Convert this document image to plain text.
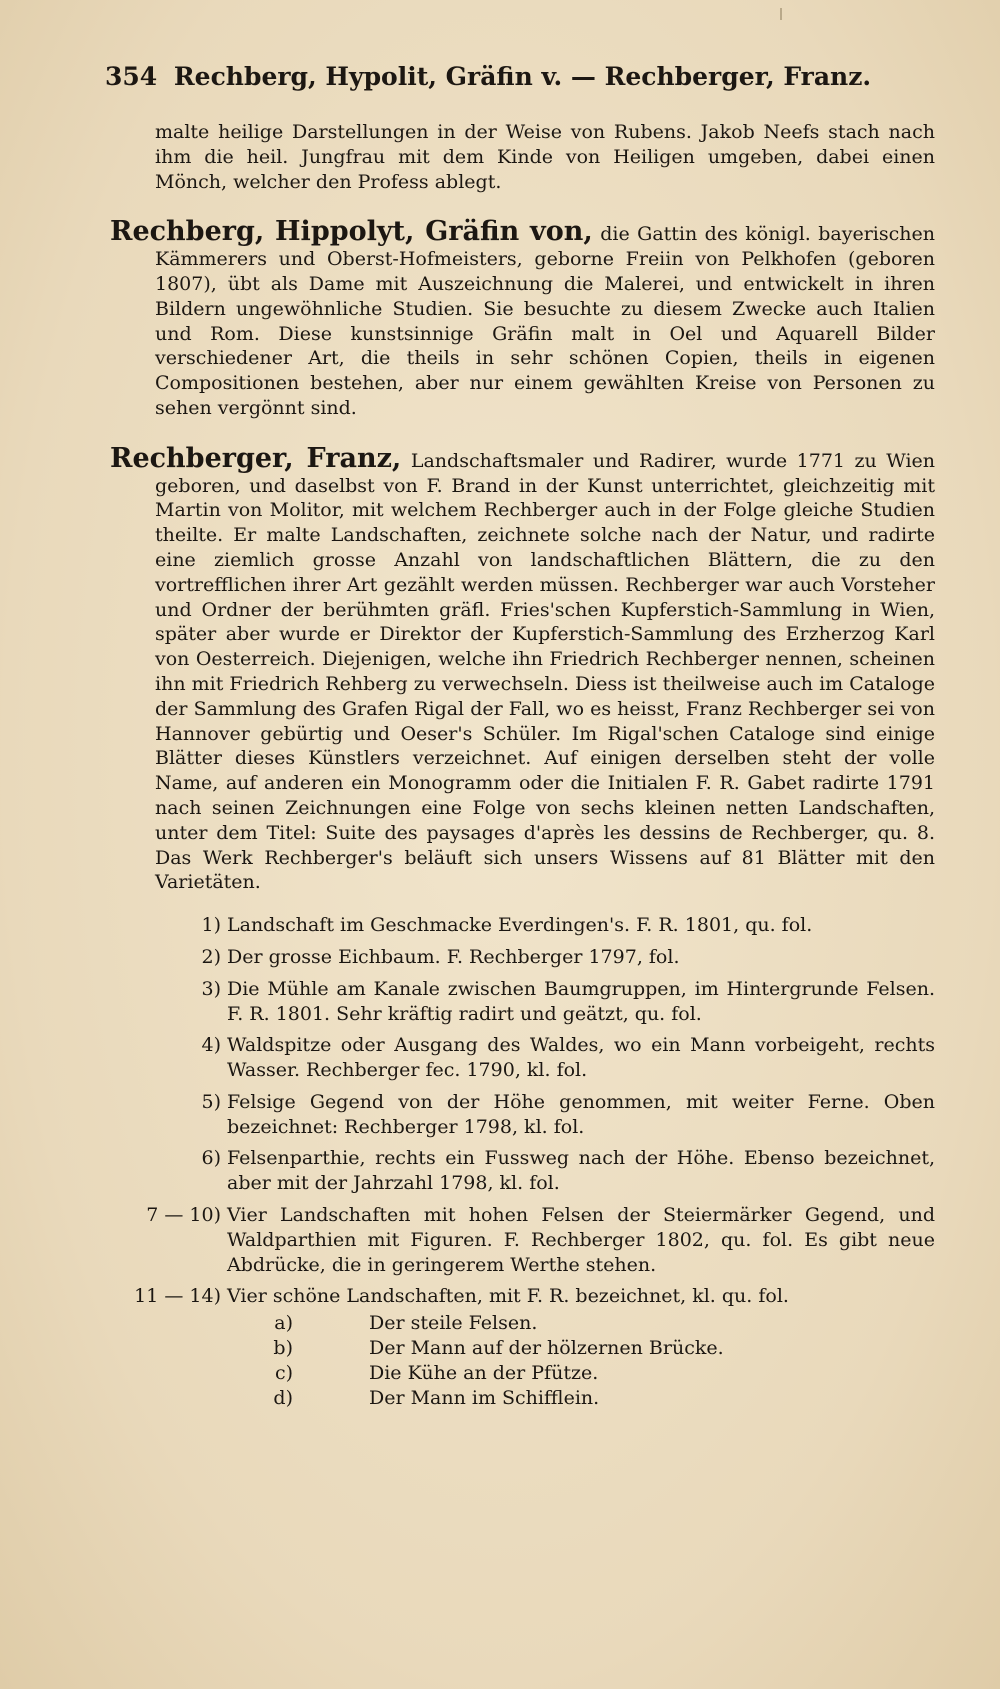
354 Rechberg, Hypolit, Gräfin v. — Rechberger, Franz.

malte heilige Darstellungen in der Weise von Rubens. Jakob Neefs stach nach ihm die heil. Jungfrau mit dem Kinde von Heiligen umgeben, dabei einen Mönch, welcher den Profess ablegt.

Rechberg, Hippolyt, Gräfin von, die Gattin des königl. bayerischen Kämmerers und Oberst-Hofmeisters, geborne Freiin von Pelkhofen (geboren 1807), übt als Dame mit Auszeichnung die Malerei, und entwickelt in ihren Bildern ungewöhnliche Studien. Sie besuchte zu diesem Zwecke auch Italien und Rom. Diese kunstsinnige Gräfin malt in Oel und Aquarell Bilder verschiedener Art, die theils in sehr schönen Copien, theils in eigenen Compositionen bestehen, aber nur einem gewählten Kreise von Personen zu sehen vergönnt sind.

Rechberger, Franz, Landschaftsmaler und Radirer, wurde 1771 zu Wien geboren, und daselbst von F. Brand in der Kunst unterrichtet, gleichzeitig mit Martin von Molitor, mit welchem Rechberger auch in der Folge gleiche Studien theilte. Er malte Landschaften, zeichnete solche nach der Natur, und radirte eine ziemlich grosse Anzahl von landschaftlichen Blättern, die zu den vortrefflichen ihrer Art gezählt werden müssen. Rechberger war auch Vorsteher und Ordner der berühmten gräfl. Fries'schen Kupferstich-Sammlung in Wien, später aber wurde er Direktor der Kupferstich-Sammlung des Erzherzog Karl von Oesterreich. Diejenigen, welche ihn Friedrich Rechberger nennen, scheinen ihn mit Friedrich Rehberg zu verwechseln. Diess ist theilweise auch im Cataloge der Sammlung des Grafen Rigal der Fall, wo es heisst, Franz Rechberger sei von Hannover gebürtig und Oeser's Schüler. Im Rigal'schen Cataloge sind einige Blätter dieses Künstlers verzeichnet. Auf einigen derselben steht der volle Name, auf anderen ein Monogramm oder die Initialen F. R. Gabet radirte 1791 nach seinen Zeichnungen eine Folge von sechs kleinen netten Landschaften, unter dem Titel: Suite des paysages d'après les dessins de Rechberger, qu. 8. Das Werk Rechberger's beläuft sich unsers Wissens auf 81 Blätter mit den Varietäten.

1) Landschaft im Geschmacke Everdingen's. F. R. 1801, qu. fol.
2) Der grosse Eichbaum. F. Rechberger 1797, fol.
3) Die Mühle am Kanale zwischen Baumgruppen, im Hintergrunde Felsen. F. R. 1801. Sehr kräftig radirt und geätzt, qu. fol.
4) Waldspitze oder Ausgang des Waldes, wo ein Mann vorbeigeht, rechts Wasser. Rechberger fec. 1790, kl. fol.
5) Felsige Gegend von der Höhe genommen, mit weiter Ferne. Oben bezeichnet: Rechberger 1798, kl. fol.
6) Felsenparthie, rechts ein Fussweg nach der Höhe. Ebenso bezeichnet, aber mit der Jahrzahl 1798, kl. fol.
7 — 10) Vier Landschaften mit hohen Felsen der Steiermärker Gegend, und Waldparthien mit Figuren. F. Rechberger 1802, qu. fol. Es gibt neue Abdrücke, die in geringerem Werthe stehen.
11 — 14) Vier schöne Landschaften, mit F. R. bezeichnet, kl. qu. fol.
a)	Der steile Felsen.
b)	Der Mann auf der hölzernen Brücke.
c)	Die Kühe an der Pfütze.
d)	Der Mann im Schifflein.
